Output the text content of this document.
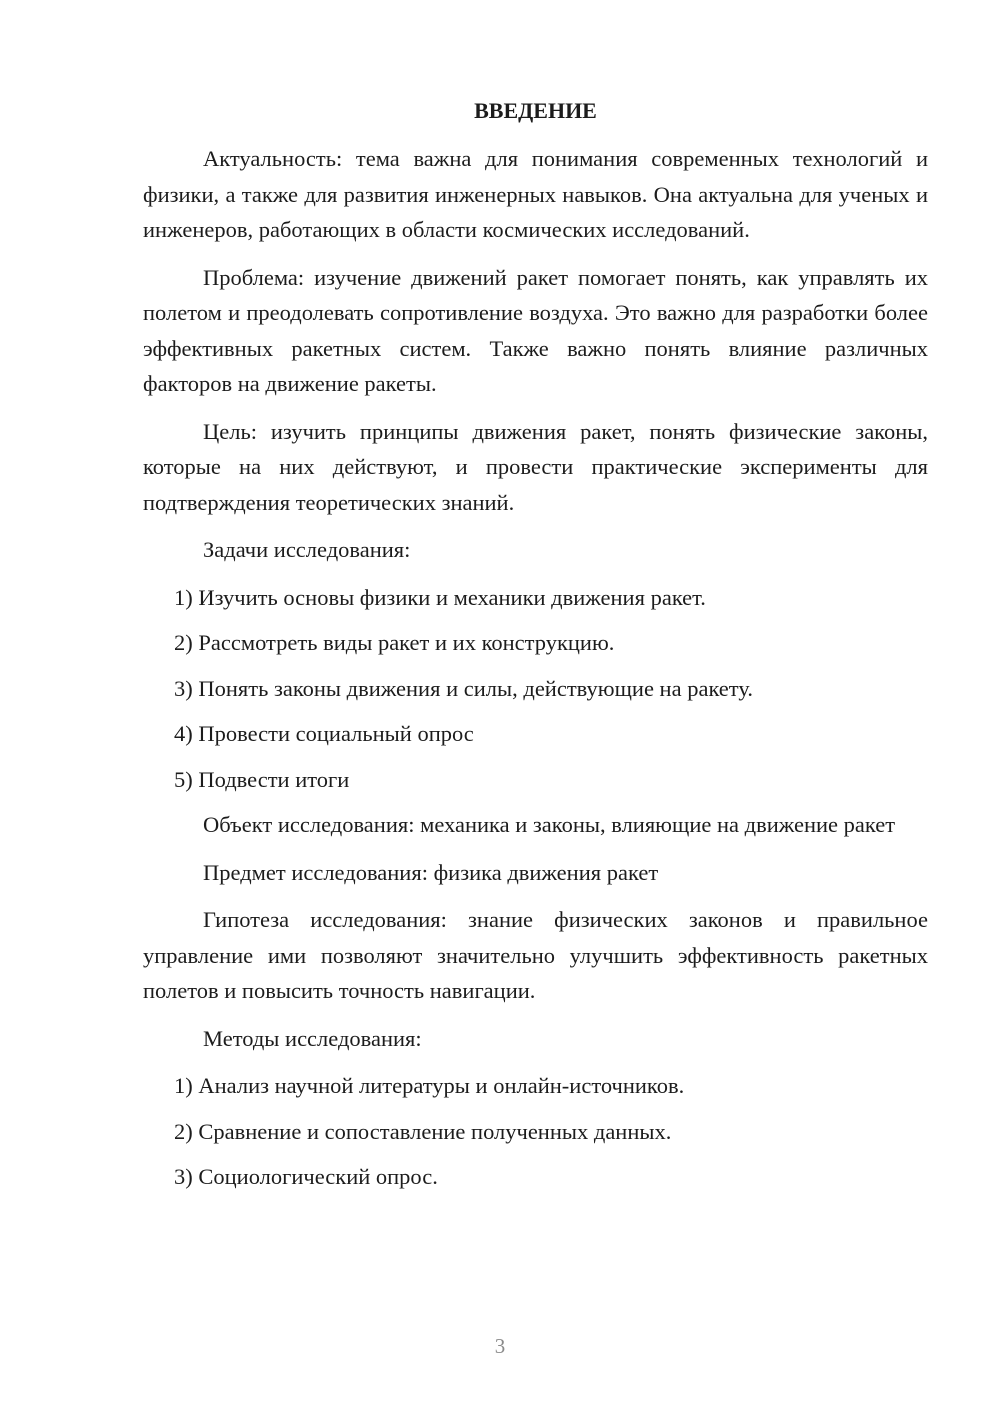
ВВЕДЕНИЕ

Актуальность: тема важна для понимания современных технологий и физики, а также для развития инженерных навыков. Она актуальна для ученых и инженеров, работающих в области космических исследований.

Проблема: изучение движений ракет помогает понять, как управлять их полетом и преодолевать сопротивление воздуха. Это важно для разработки более эффективных ракетных систем. Также важно понять влияние различных факторов на движение ракеты.

Цель: изучить принципы движения ракет, понять физические законы, которые на них действуют, и провести практические эксперименты для подтверждения теоретических знаний.

Задачи исследования:

1) Изучить основы физики и механики движения ракет.
2) Рассмотреть виды ракет и их конструкцию.
3) Понять законы движения и силы, действующие на ракету.
4) Провести социальный опрос
5) Подвести итоги

Объект исследования: механика и законы, влияющие на движение ракет

Предмет исследования: физика движения ракет

Гипотеза исследования: знание физических законов и правильное управление ими позволяют значительно улучшить эффективность ракетных полетов и повысить точность навигации.

Методы исследования:

1) Анализ научной литературы и онлайн-источников.
2) Сравнение и сопоставление полученных данных.
3) Социологический опрос.
3
